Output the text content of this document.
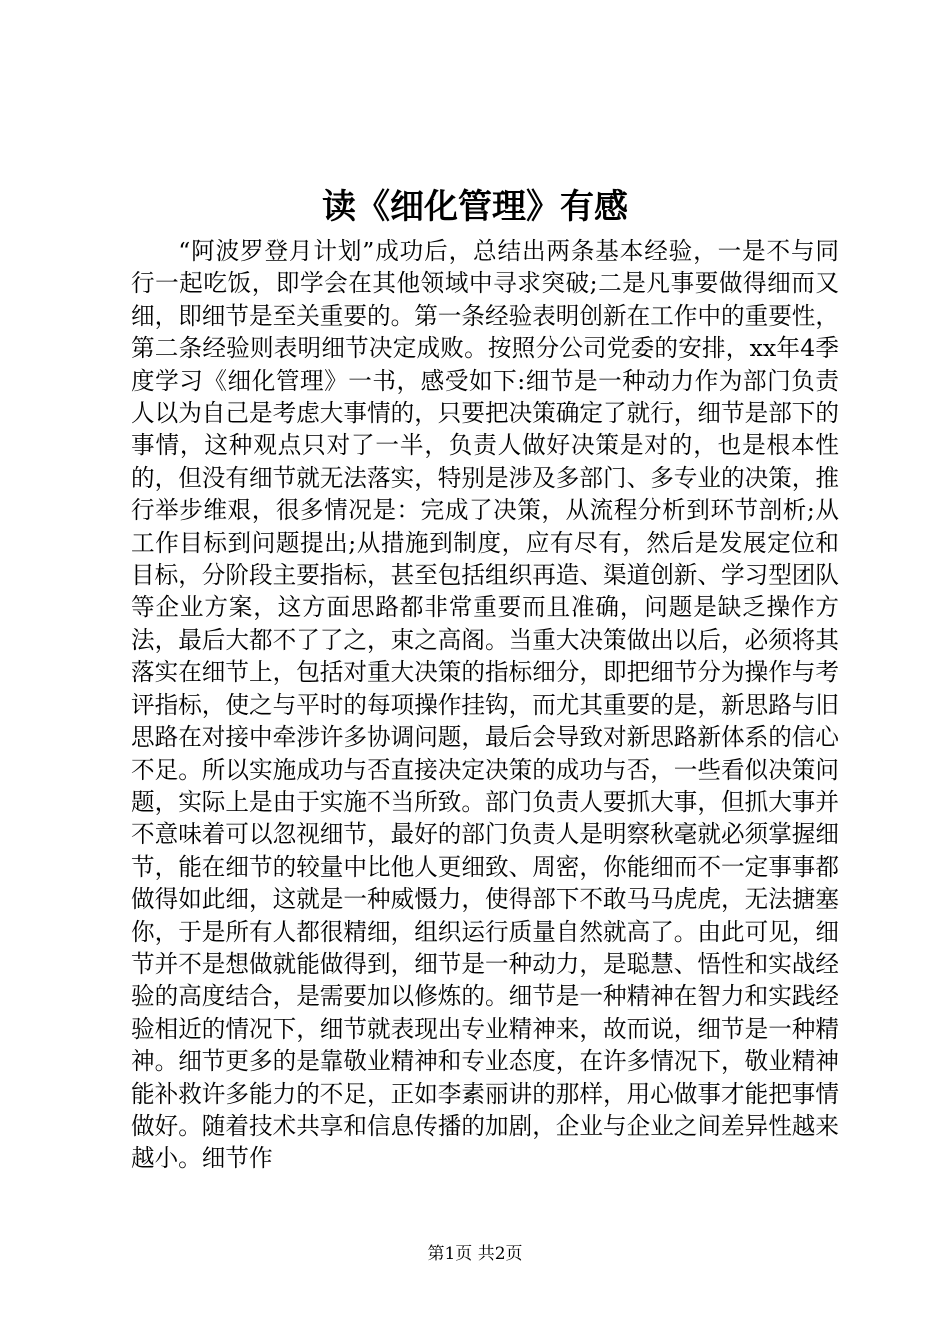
读《细化管理》有感

“阿波罗登月计划”成功后，总结出两条基本经验，一是不与同行一起吃饭，即学会在其他领域中寻求突破;二是凡事要做得细而又细，即细节是至关重要的。第一条经验表明创新在工作中的重要性，第二条经验则表明细节决定成败。按照分公司党委的安排，xx年4季度学习《细化管理》一书，感受如下:细节是一种动力作为部门负责人以为自己是考虑大事情的，只要把决策确定了就行，细节是部下的事情，这种观点只对了一半，负责人做好决策是对的，也是根本性的，但没有细节就无法落实，特别是涉及多部门、多专业的决策，推行举步维艰，很多情况是：完成了决策，从流程分析到环节剖析;从工作目标到问题提出;从措施到制度，应有尽有，然后是发展定位和目标，分阶段主要指标，甚至包括组织再造、渠道创新、学习型团队等企业方案，这方面思路都非常重要而且准确，问题是缺乏操作方法，最后大都不了了之，束之高阁。当重大决策做出以后，必须将其落实在细节上，包括对重大决策的指标细分，即把细节分为操作与考评指标，使之与平时的每项操作挂钩，而尤其重要的是，新思路与旧思路在对接中牵涉许多协调问题，最后会导致对新思路新体系的信心不足。所以实施成功与否直接决定决策的成功与否，一些看似决策问题，实际上是由于实施不当所致。部门负责人要抓大事，但抓大事并不意味着可以忽视细节，最好的部门负责人是明察秋毫就必须掌握细节，能在细节的较量中比他人更细致、周密，你能细而不一定事事都做得如此细，这就是一种威慑力，使得部下不敢马马虎虎，无法搪塞你，于是所有人都很精细，组织运行质量自然就高了。由此可见，细节并不是想做就能做得到，细节是一种动力，是聪慧、悟性和实战经验的高度结合，是需要加以修炼的。细节是一种精神在智力和实践经验相近的情况下，细节就表现出专业精神来，故而说，细节是一种精神。细节更多的是靠敬业精神和专业态度，在许多情况下，敬业精神能补救许多能力的不足，正如李素丽讲的那样，用心做事才能把事情做好。随着技术共享和信息传播的加剧，企业与企业之间差异性越来越小。细节作

第1页 共2页
